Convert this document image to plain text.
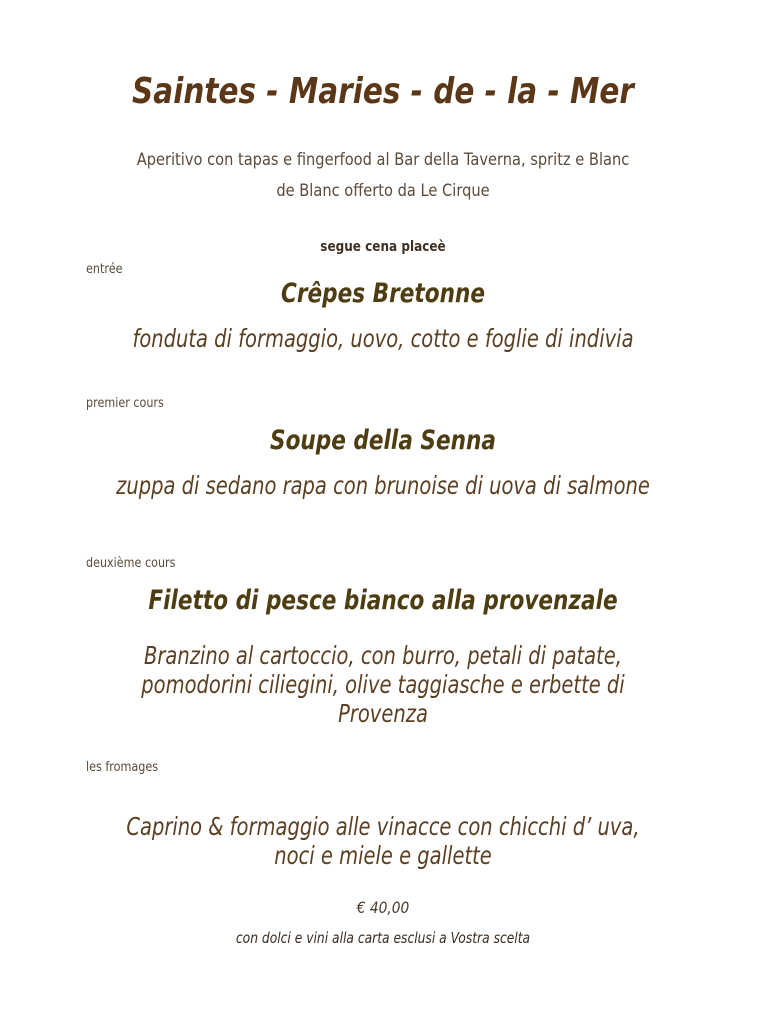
Saintes - Maries - de - la - Mer
Aperitivo con tapas e fingerfood al Bar della Taverna, spritz e Blanc de Blanc offerto da Le Cirque
segue cena placeè
entrée
Crêpes Bretonne
fonduta di formaggio, uovo, cotto e foglie di indivia
premier cours
Soupe della Senna
zuppa di sedano rapa con brunoise di uova di salmone
deuxième cours
Filetto di pesce bianco alla provenzale
Branzino al cartoccio, con burro, petali di patate,
pomodorini ciliegini, olive taggiasche e erbette di
Provenza
les fromages
Caprino & formaggio alle vinacce con chicchi d’ uva,
noci e miele e gallette
€ 40,00
con dolci e vini alla carta esclusi a Vostra scelta
